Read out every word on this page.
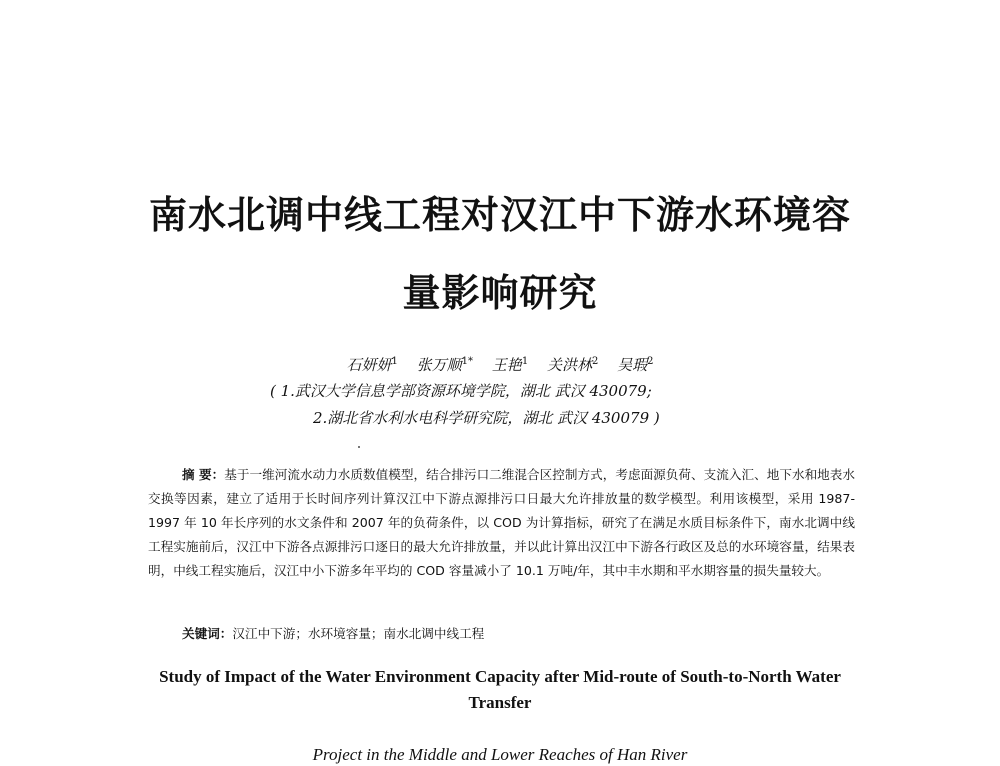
南水北调中线工程对汉江中下游水环境容
量影响研究
石妍妍$^1$ 张万顺$^{1*}$ 王艳$^1$ 关洪林$^2$ 吴瑕$^2$
( 1.武汉大学信息学部资源环境学院，湖北 武汉 430079;
2.湖北省水利水电科学研究院，湖北 武汉 430079 )
摘 要：基于一维河流水动力水质数值模型，结合排污口二维混合区控制方式，考虑面源负荷、支流入汇、地下水和地表水交换等因素，建立了适用于长时间序列计算汉江中下游点源排污口日最大允许排放量的数学模型。利用该模型，采用 1987-1997 年 10 年长序列的水文条件和 2007 年的负荷条件，以 COD 为计算指标，研究了在满足水质目标条件下，南水北调中线工程实施前后，汉江中下游各点源排污口逐日的最大允许排放量，并以此计算出汉江中下游各行政区及总的水环境容量，结果表明，中线工程实施后，汉江中小下游多年平均的 COD 容量减小了 10.1 万吨/年，其中丰水期和平水期容量的损失量较大。
关键词：汉江中下游；水环境容量；南水北调中线工程
Study of Impact of the Water Environment Capacity after Mid-route of South-to-North Water Transfer
Project in the Middle and Lower Reaches of Han River
